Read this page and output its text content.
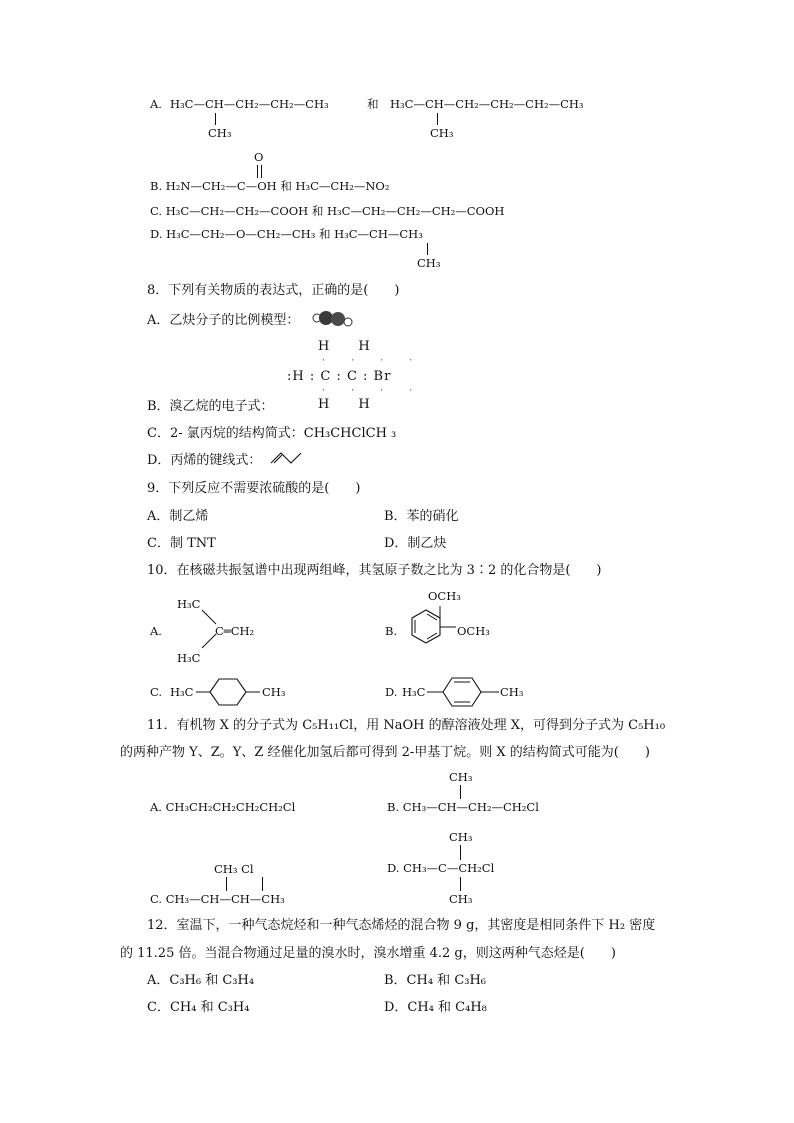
A. H₃C—CH—CH₂—CH₂—CH₃
CH₃
和 H₃C—CH—CH₂—CH₂—CH₂—CH₃
CH₃
O
B. H₂N—CH₂—C—OH 和 H₃C—CH₂—NO₂
C. H₃C—CH₂—CH₂—COOH 和 H₃C—CH₂—CH₂—CH₂—COOH
D. H₃C—CH₂—O—CH₂—CH₃ 和 H₃C—CH—CH₃
CH₃
8．下列有关物质的表达式，正确的是(　　)
A．乙炔分子的比例模型：
H　　H
⋅⋅⋅⋅
:H : C : C : Br
⋅⋅⋅⋅
B．溴乙烷的电子式：	H　　H
C．2- 氯丙烷的结构简式：CH₃CHClCH ₃
D．丙烯的键线式：
9．下列反应不需要浓硫酸的是(　　)
A．制乙烯	B．苯的硝化
C．制 TNT	D．制乙炔
10．在核磁共振氢谱中出现两组峰，其氢原子数之比为 3∶2 的化合物是(　　)
A.
H₃C
C═CH₂
H₃C
B.
OCH₃
OCH₃
C. H₃C	CH₃	D. H₃C	CH₃
11．有机物 X 的分子式为 C₅H₁₁Cl，用 NaOH 的醇溶液处理 X，可得到分子式为 C₅H₁₀
的两种产物 Y、Z。Y、Z 经催化加氢后都可得到 2-甲基丁烷。则 X 的结构简式可能为(　　)
A. CH₃CH₂CH₂CH₂CH₂Cl
CH₃
B. CH₃—CH—CH₂—CH₂Cl
CH₃ Cl
C. CH₃—CH—CH—CH₃
CH₃
D. CH₃—C—CH₂Cl
CH₃
12．室温下，一种气态烷烃和一种气态烯烃的混合物 9 g，其密度是相同条件下 H₂ 密度
的 11.25 倍。当混合物通过足量的溴水时，溴水增重 4.2 g，则这两种气态烃是(　　)
A．C₃H₆ 和 C₃H₄	B．CH₄ 和 C₃H₆
C．CH₄ 和 C₃H₄	D．CH₄ 和 C₄H₈
